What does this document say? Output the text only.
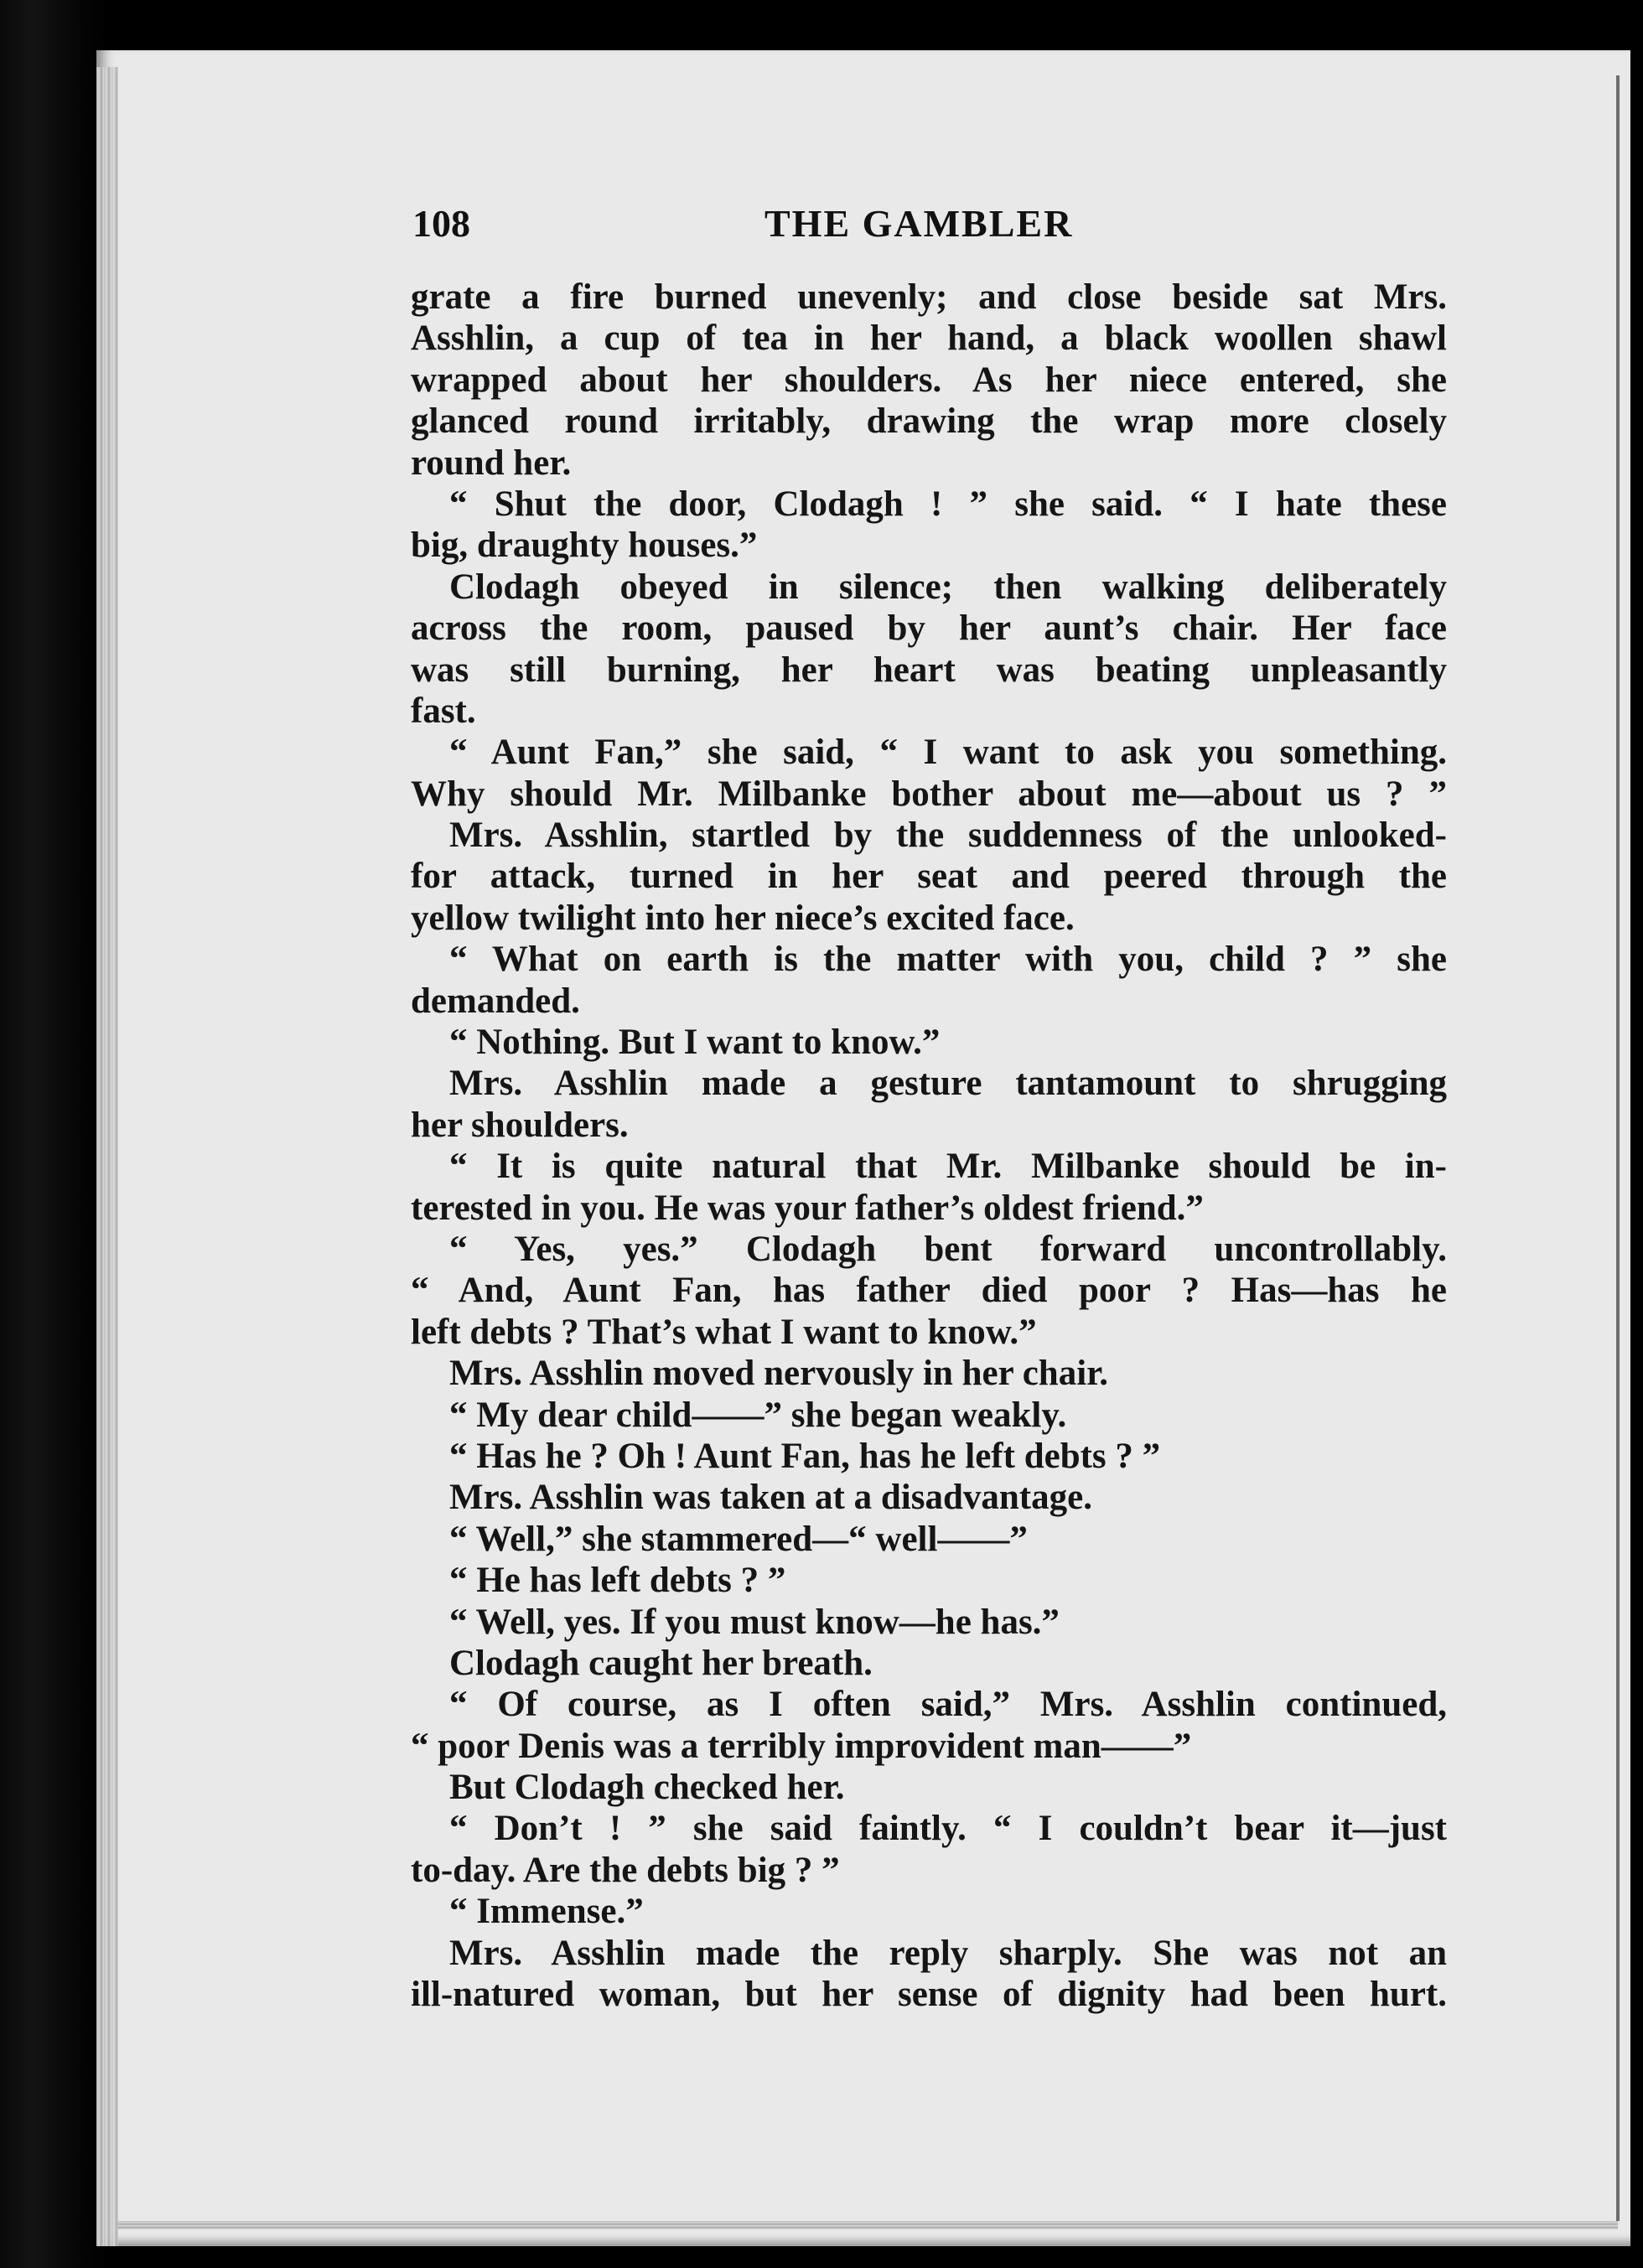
108	THE GAMBLER
grate a fire burned unevenly; and close beside sat Mrs.
Asshlin, a cup of tea in her hand, a black woollen shawl
wrapped about her shoulders. As her niece entered, she
glanced round irritably, drawing the wrap more closely
round her.
“ Shut the door, Clodagh ! ” she said. “ I hate these
big, draughty houses.”
Clodagh obeyed in silence; then walking deliberately
across the room, paused by her aunt’s chair. Her face
was still burning, her heart was beating unpleasantly
fast.
“ Aunt Fan,” she said, “ I want to ask you something.
Why should Mr. Milbanke bother about me—about us ? ”
Mrs. Asshlin, startled by the suddenness of the unlooked-
for attack, turned in her seat and peered through the
yellow twilight into her niece’s excited face.
“ What on earth is the matter with you, child ? ” she
demanded.
“ Nothing. But I want to know.”
Mrs. Asshlin made a gesture tantamount to shrugging
her shoulders.
“ It is quite natural that Mr. Milbanke should be in-
terested in you. He was your father’s oldest friend.”
“ Yes, yes.” Clodagh bent forward uncontrollably.
“ And, Aunt Fan, has father died poor ? Has—has he
left debts ? That’s what I want to know.”
Mrs. Asshlin moved nervously in her chair.
“ My dear child——” she began weakly.
“ Has he ? Oh ! Aunt Fan, has he left debts ? ”
Mrs. Asshlin was taken at a disadvantage.
“ Well,” she stammered—“ well——”
“ He has left debts ? ”
“ Well, yes. If you must know—he has.”
Clodagh caught her breath.
“ Of course, as I often said,” Mrs. Asshlin continued,
“ poor Denis was a terribly improvident man——”
But Clodagh checked her.
“ Don’t ! ” she said faintly. “ I couldn’t bear it—just
to-day. Are the debts big ? ”
“ Immense.”
Mrs. Asshlin made the reply sharply. She was not an
ill-natured woman, but her sense of dignity had been hurt.
